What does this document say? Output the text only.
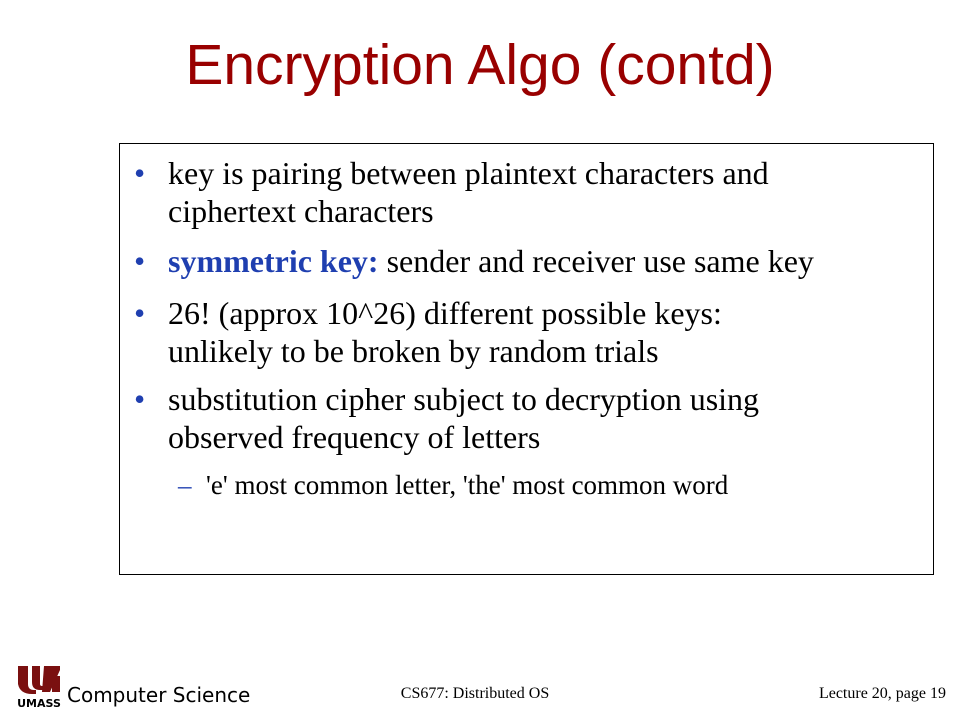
Encryption Algo (contd)
• key is pairing between plaintext characters and
ciphertext characters
• symmetric key: sender and receiver use same key
• 26! (approx 10^26) different possible keys:
unlikely to be broken by random trials
• substitution cipher subject to decryption using
observed frequency of letters
– 'e' most common letter, 'the' most common word
UMASS Computer Science	CS677: Distributed OS	Lecture 20, page 19
